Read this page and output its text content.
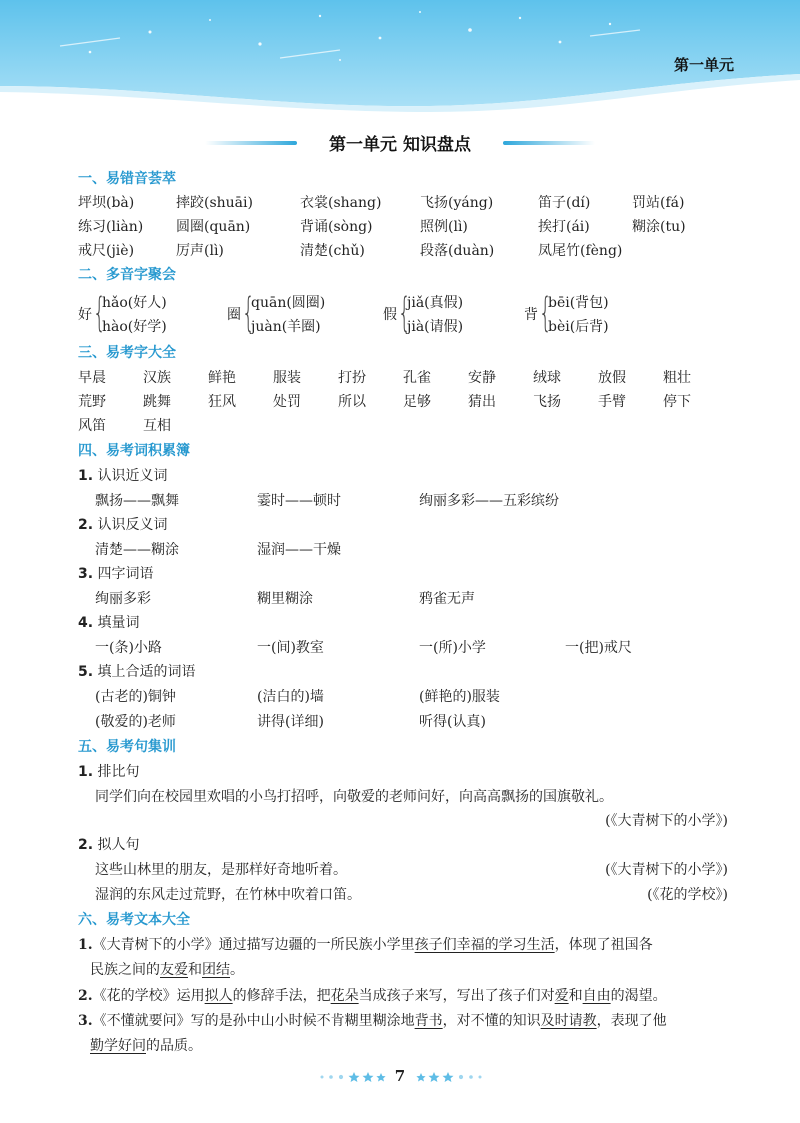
第一单元
第一单元 知识盘点
一、易错音荟萃
坪坝(bà)	摔跤(shuāi)	衣裳(shang)	飞扬(yáng)	笛子(dí)	罚站(fá)
练习(liàn) 圆圈(quān)	背诵(sòng)	照例(lì)	挨打(ái)	糊涂(tu)
戒尺(jiè)	厉声(lì)	清楚(chǔ)	段落(duàn)	凤尾竹(fèng)
二、多音字聚会
好 {
hǎo(好人)
hào(好学)
圈 {
quān(圆圈)
juàn(羊圈)
假 {
jiǎ(真假)
jià(请假)
背 {
bēi(背包)
bèi(后背)
三、易考字大全
早晨	汉族	鲜艳	服装	打扮	孔雀	安静	绒球	放假	粗壮
荒野	跳舞	狂风	处罚	所以	足够	猜出	飞扬	手臂	停下
风笛	互相
四、易考词积累簿
1. 认识近义词
飘扬——飘舞	霎时——顿时	绚丽多彩——五彩缤纷
2. 认识反义词
清楚——糊涂	湿润——干燥
3. 四字词语
绚丽多彩	糊里糊涂	鸦雀无声
4. 填量词
一(条)小路	一(间)教室	一(所)小学	一(把)戒尺
5. 填上合适的词语
(古老的)铜钟	(洁白的)墙	(鲜艳的)服装
(敬爱的)老师	讲得(详细)	听得(认真)
五、易考句集训
1. 排比句
同学们向在校园里欢唱的小鸟打招呼，向敬爱的老师问好，向高高飘扬的国旗敬礼。
(《大青树下的小学》)
2. 拟人句
这些山林里的朋友，是那样好奇地听着。	(《大青树下的小学》)
湿润的东风走过荒野，在竹林中吹着口笛。	(《花的学校》)
六、易考文本大全
1.《大青树下的小学》通过描写边疆的一所民族小学里孩子们幸福的学习生活，体现了祖国各
民族之间的友爱和团结。
2.《花的学校》运用拟人的修辞手法，把花朵当成孩子来写，写出了孩子们对爱和自由的渴望。
3.《不懂就要问》写的是孙中山小时候不肯糊里糊涂地背书，对不懂的知识及时请教，表现了他
勤学好问的品质。
7
